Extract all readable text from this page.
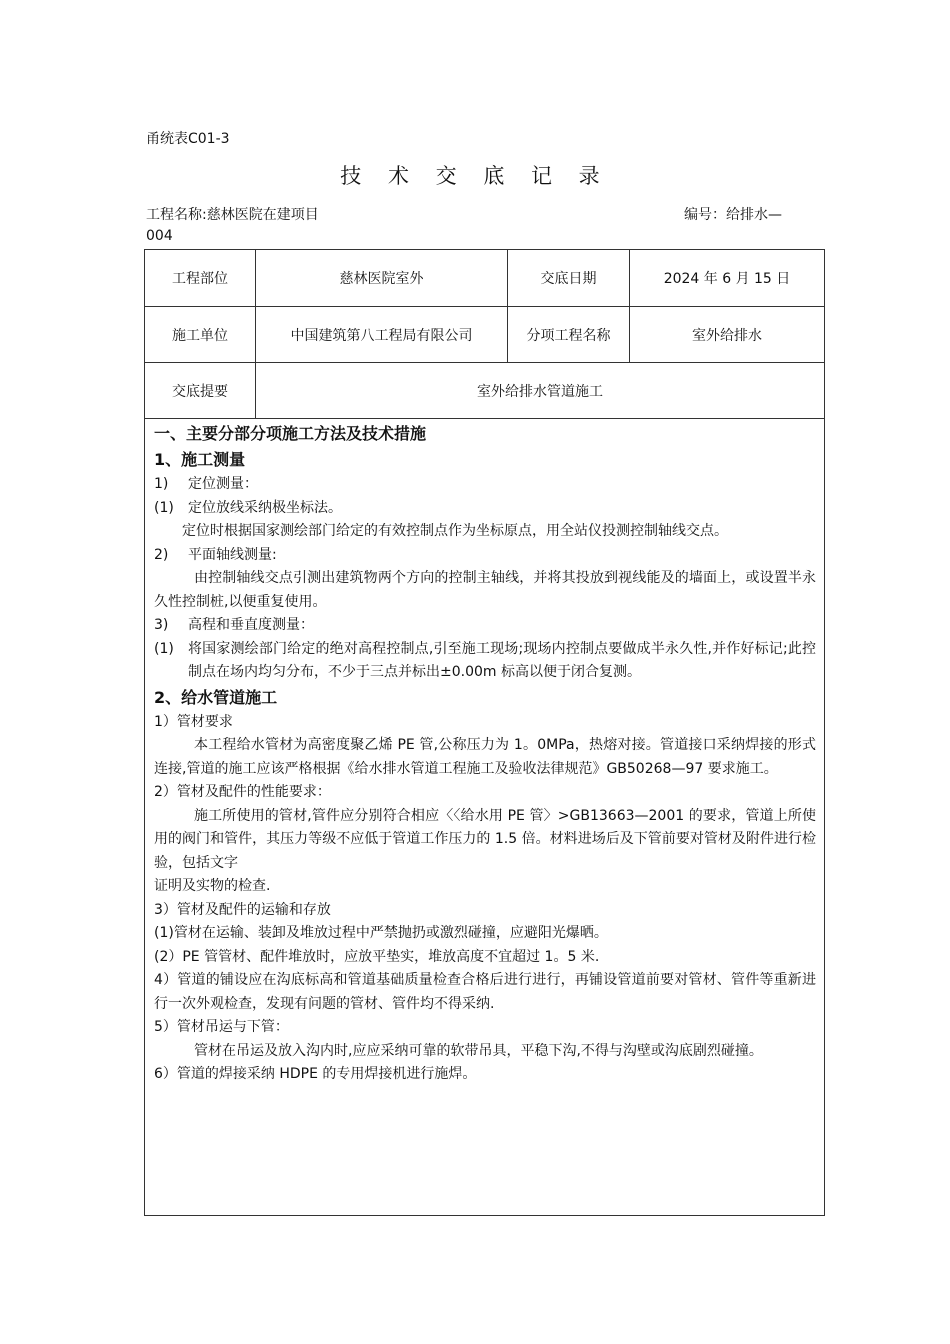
甬统表C01-3
技 术 交 底 记 录
工程名称:慈林医院在建项目	编号：给排水—
004
工程部位	慈林医院室外	交底日期	2024 年 6 月 15 日
施工单位	中国建筑第八工程局有限公司	分项工程名称	室外给排水
交底提要	室外给排水管道施工		

一、主要分部分项施工方法及技术措施

1、施工测量

1)	定位测量：
(1)	定位放线采纳极坐标法。

定位时根据国家测绘部门给定的有效控制点作为坐标原点，用全站仪投测控制轴线交点。

2)	平面轴线测量:

由控制轴线交点引测出建筑物两个方向的控制主轴线，并将其投放到视线能及的墙面上，或设置半永久性控制桩,以便重复使用。

3)	高程和垂直度测量：
(1)	将国家测绘部门给定的绝对高程控制点,引至施工现场;现场内控制点要做成半永久性,并作好标记;此控制点在场内均匀分布，不少于三点并标出±0.00m 标高以便于闭合复测。

2、给水管道施工

1）管材要求

本工程给水管材为高密度聚乙烯 PE 管,公称压力为 1。0MPa，热熔对接。管道接口采纳焊接的形式连接,管道的施工应该严格根据《给水排水管道工程施工及验收法律规范》GB50268—97 要求施工。

2）管材及配件的性能要求：

施工所使用的管材,管件应分别符合相应〈〈给水用 PE 管〉>GB13663—2001 的要求，管道上所使用的阀门和管件，其压力等级不应低于管道工作压力的 1.5 倍。材料进场后及下管前要对管材及附件进行检验，包括文字

证明及实物的检查.

3）管材及配件的运输和存放

(1)管材在运输、装卸及堆放过程中严禁抛扔或激烈碰撞，应避阳光爆晒。

(2）PE 管管材、配件堆放时，应放平垫实，堆放高度不宜超过 1。5 米.

4）管道的铺设应在沟底标高和管道基础质量检查合格后进行进行，再铺设管道前要对管材、管件等重新进行一次外观检查，发现有问题的管材、管件均不得采纳.

5）管材吊运与下管：

管材在吊运及放入沟内时,应应采纳可靠的软带吊具，平稳下沟,不得与沟壁或沟底剧烈碰撞。

6）管道的焊接采纳 HDPE 的专用焊接机进行施焊。
